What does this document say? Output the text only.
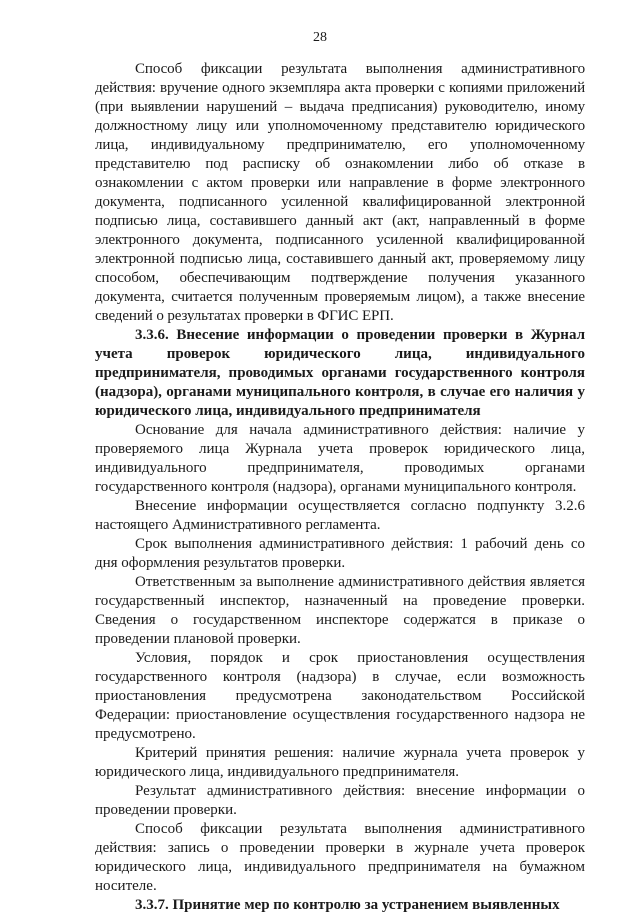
28

Способ фиксации результата выполнения административного действия: вручение одного экземпляра акта проверки с копиями приложений (при выявлении нарушений – выдача предписания) руководителю, иному должностному лицу или уполномоченному представителю юридического лица, индивидуальному предпринимателю, его уполномоченному представителю под расписку об ознакомлении либо об отказе в ознакомлении с актом проверки или направление в форме электронного документа, подписанного усиленной квалифицированной электронной подписью лица, составившего данный акт (акт, направленный в форме электронного документа, подписанного усиленной квалифицированной электронной подписью лица, составившего данный акт, проверяемому лицу способом, обеспечивающим подтверждение получения указанного документа, считается полученным проверяемым лицом), а также внесение сведений о результатах проверки в ФГИС ЕРП.

3.3.6. Внесение информации о проведении проверки в Журнал учета проверок юридического лица, индивидуального предпринимателя, проводимых органами государственного контроля (надзора), органами муниципального контроля, в случае его наличия у юридического лица, индивидуального предпринимателя

Основание для начала административного действия: наличие у проверяемого лица Журнала учета проверок юридического лица, индивидуального предпринимателя, проводимых органами государственного контроля (надзора), органами муниципального контроля.

Внесение информации осуществляется согласно подпункту 3.2.6 настоящего Административного регламента.

Срок выполнения административного действия: 1 рабочий день со дня оформления результатов проверки.

Ответственным за выполнение административного действия является государственный инспектор, назначенный на проведение проверки. Сведения о государственном инспекторе содержатся в приказе о проведении плановой проверки.

Условия, порядок и срок приостановления осуществления государственного контроля (надзора) в случае, если возможность приостановления предусмотрена законодательством Российской Федерации: приостановление осуществления государственного надзора не предусмотрено.

Критерий принятия решения: наличие журнала учета проверок у юридического лица, индивидуального предпринимателя.

Результат административного действия: внесение информации о проведении проверки.

Способ фиксации результата выполнения административного действия: запись о проведении проверки в журнале учета проверок юридического лица, индивидуального предпринимателя на бумажном носителе.

3.3.7. Принятие мер по контролю за устранением выявленных
